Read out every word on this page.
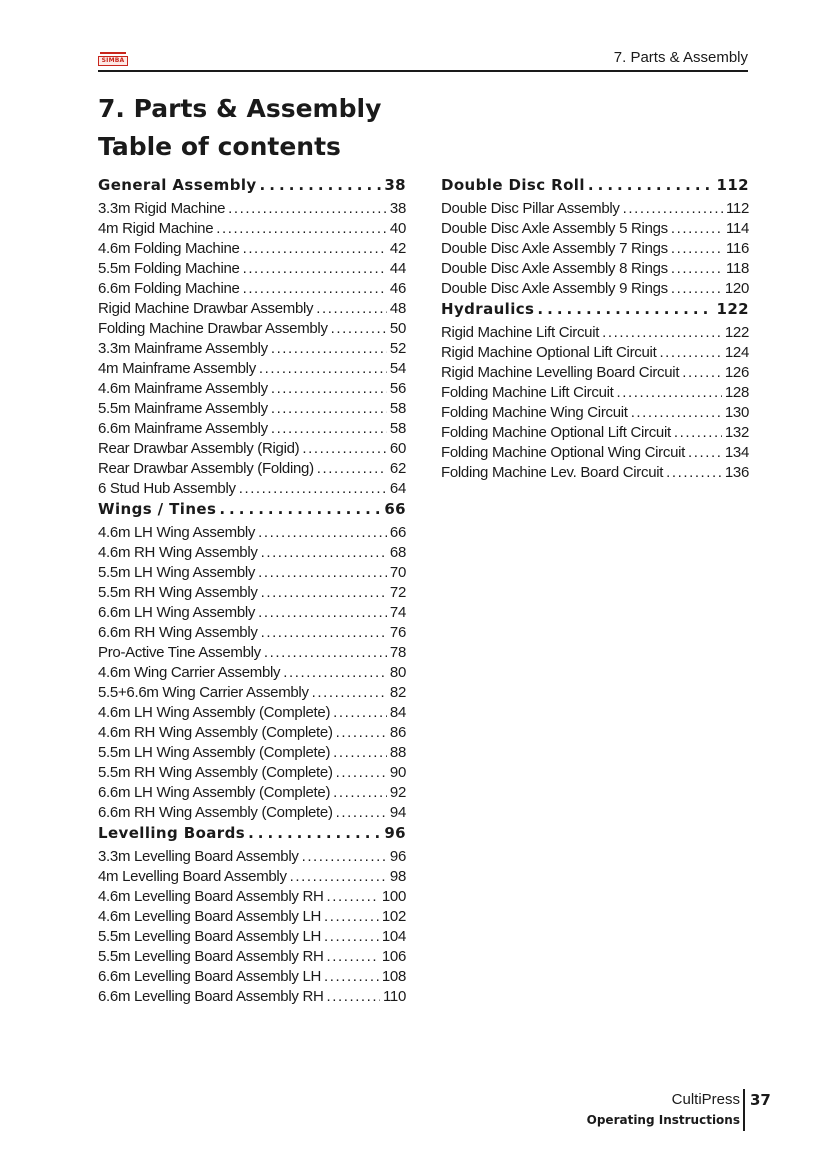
SIMBA	7. Parts & Assembly
7. Parts & Assembly
Table of contents
General Assembly . . .	38
3.3m Rigid Machine . . .	38
4m Rigid Machine . . .	40
4.6m Folding Machine . . .	42
5.5m Folding Machine . . .	44
6.6m Folding Machine . . .	46
Rigid Machine Drawbar Assembly . . .	48
Folding Machine Drawbar Assembly . . .	50
3.3m Mainframe Assembly . . .	52
4m Mainframe Assembly . . .	54
4.6m Mainframe Assembly . . .	56
5.5m Mainframe Assembly . . .	58
6.6m Mainframe Assembly . . .	58
Rear Drawbar Assembly (Rigid) . . .	60
Rear Drawbar Assembly (Folding) . . .	62
6 Stud Hub Assembly . . .	64
Wings / Tines . . .	66
4.6m LH Wing Assembly . . .	66
4.6m RH Wing Assembly . . .	68
5.5m LH Wing Assembly . . .	70
5.5m RH Wing Assembly . . .	72
6.6m LH Wing Assembly . . .	74
6.6m RH Wing Assembly . . .	76
Pro-Active Tine Assembly . . .	78
4.6m Wing Carrier Assembly . . .	80
5.5+6.6m Wing Carrier Assembly . . .	82
4.6m LH Wing Assembly (Complete) . . .	84
4.6m RH Wing Assembly (Complete) . . .	86
5.5m LH Wing Assembly (Complete) . . .	88
5.5m RH Wing Assembly (Complete) . . .	90
6.6m LH Wing Assembly (Complete) . . .	92
6.6m RH Wing Assembly (Complete) . . .	94
Levelling Boards . . .	96
3.3m Levelling Board Assembly . . .	96
4m Levelling Board Assembly . . .	98
4.6m Levelling Board Assembly RH . . .	100
4.6m Levelling Board Assembly LH . . .	102
5.5m Levelling Board Assembly LH . . .	104
5.5m Levelling Board Assembly RH . . .	106
6.6m Levelling Board Assembly LH . . .	108
6.6m Levelling Board Assembly RH . . .	110
Double Disc Roll . . .	112
Double Disc Pillar Assembly . . .	112
Double Disc Axle Assembly 5 Rings . . .	114
Double Disc Axle Assembly 7 Rings . . .	116
Double Disc Axle Assembly 8 Rings . . .	118
Double Disc Axle Assembly 9 Rings . . .	120
Hydraulics . . .	122
Rigid Machine Lift Circuit . . .	122
Rigid Machine Optional Lift Circuit . . .	124
Rigid Machine Levelling Board Circuit . . .	126
Folding Machine Lift Circuit . . .	128
Folding Machine Wing Circuit . . .	130
Folding Machine Optional Lift Circuit . . .	132
Folding Machine Optional Wing Circuit . . .	134
Folding Machine Lev. Board Circuit . . .	136
CultiPress 37
Operating Instructions
